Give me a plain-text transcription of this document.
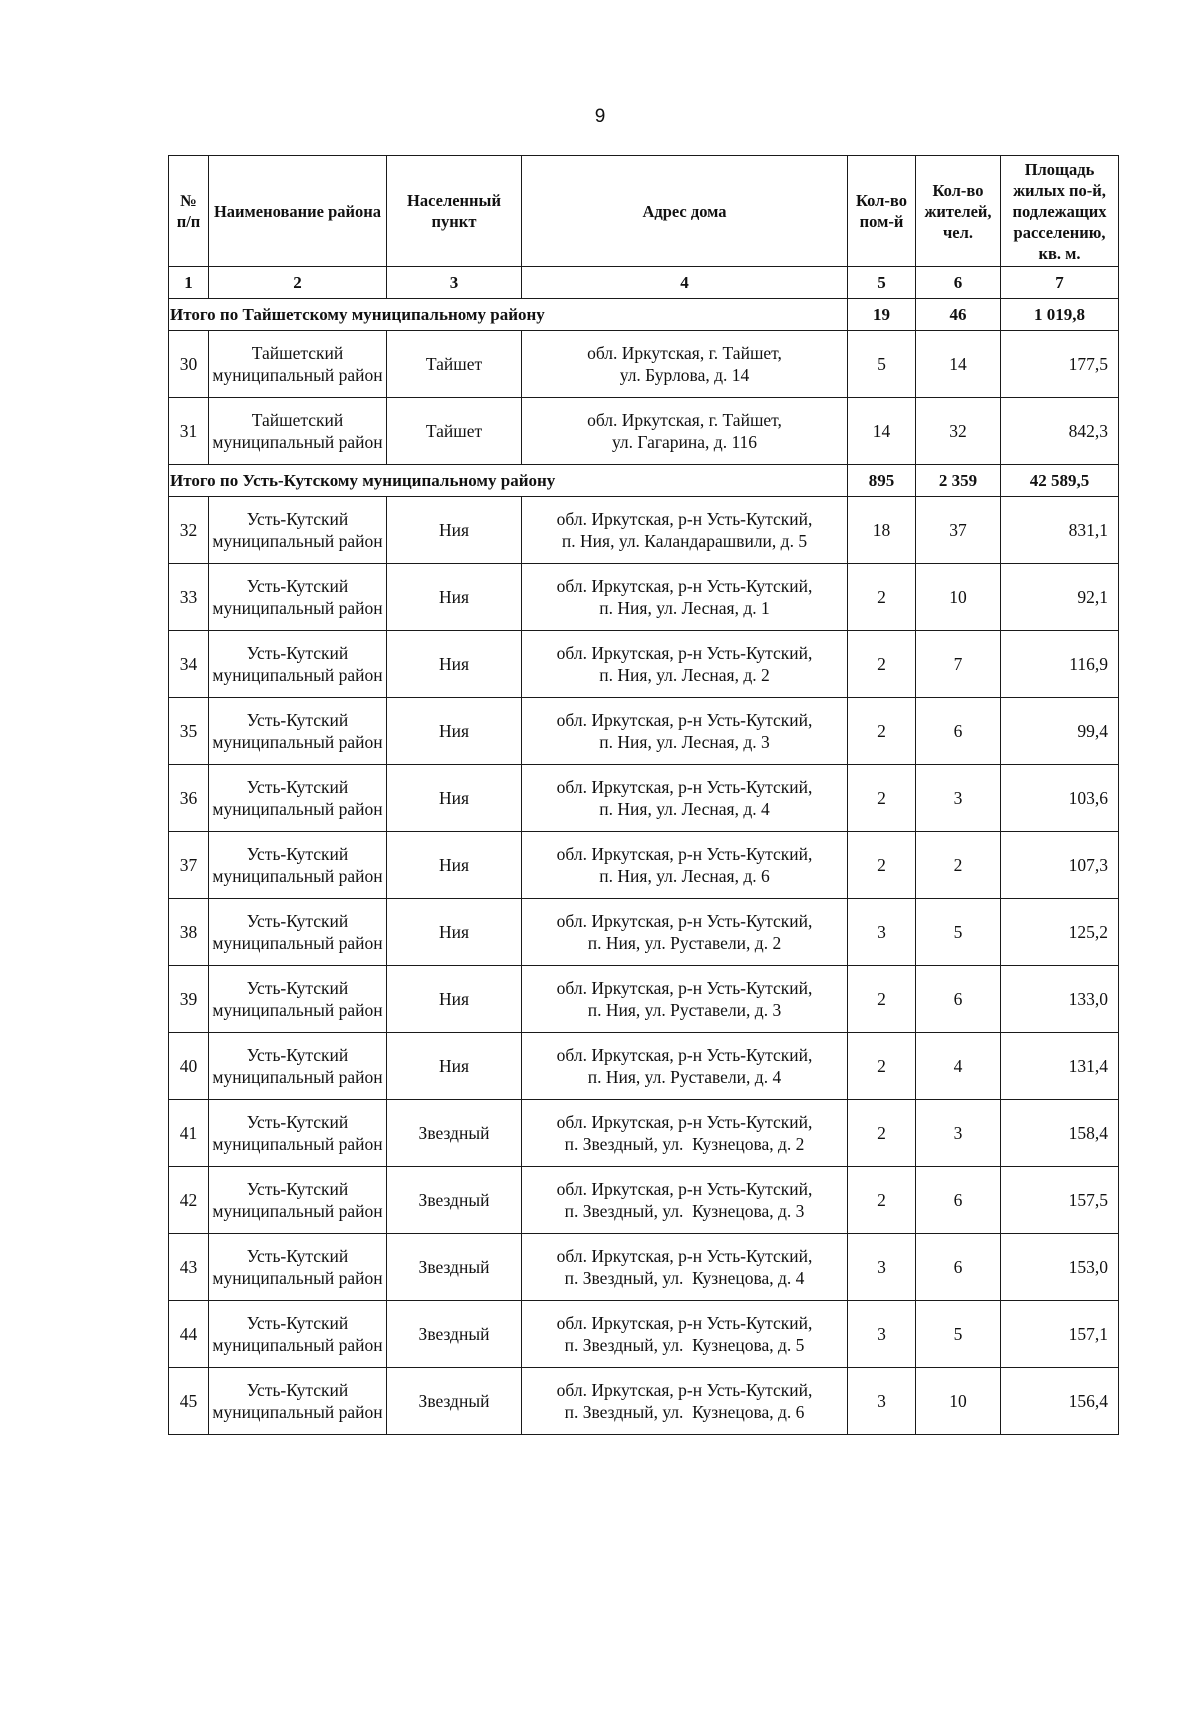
9
№ п/п	Наименование района	Населенный пункт	Адрес дома	Кол-во пом-й	Кол-во жителей, чел.	Площадь жилых по-й, подлежащих расселению, кв. м.
1	2	3	4	5	6	7
Итого по Тайшетскому муниципальному району				19	46	1 019,8
30	Тайшетский муниципальный район	Тайшет	обл. Иркутская, г. Тайшет,
ул. Бурлова, д. 14	5	14	177,5
31	Тайшетский муниципальный район	Тайшет	обл. Иркутская, г. Тайшет,
ул. Гагарина, д. 116	14	32	842,3
Итого по Усть-Кутскому муниципальному району				895	2 359	42 589,5
32	Усть-Кутский муниципальный район	Ния	обл. Иркутская, р-н Усть-Кутский,
п. Ния, ул. Каландарашвили, д. 5	18	37	831,1
33	Усть-Кутский муниципальный район	Ния	обл. Иркутская, р-н Усть-Кутский,
п. Ния, ул. Лесная, д. 1	2	10	92,1
34	Усть-Кутский муниципальный район	Ния	обл. Иркутская, р-н Усть-Кутский,
п. Ния, ул. Лесная, д. 2	2	7	116,9
35	Усть-Кутский муниципальный район	Ния	обл. Иркутская, р-н Усть-Кутский,
п. Ния, ул. Лесная, д. 3	2	6	99,4
36	Усть-Кутский муниципальный район	Ния	обл. Иркутская, р-н Усть-Кутский,
п. Ния, ул. Лесная, д. 4	2	3	103,6
37	Усть-Кутский муниципальный район	Ния	обл. Иркутская, р-н Усть-Кутский,
п. Ния, ул. Лесная, д. 6	2	2	107,3
38	Усть-Кутский муниципальный район	Ния	обл. Иркутская, р-н Усть-Кутский,
п. Ния, ул. Руставели, д. 2	3	5	125,2
39	Усть-Кутский муниципальный район	Ния	обл. Иркутская, р-н Усть-Кутский,
п. Ния, ул. Руставели, д. 3	2	6	133,0
40	Усть-Кутский муниципальный район	Ния	обл. Иркутская, р-н Усть-Кутский,
п. Ния, ул. Руставели, д. 4	2	4	131,4
41	Усть-Кутский муниципальный район	Звездный	обл. Иркутская, р-н Усть-Кутский,
п. Звездный, ул.  Кузнецова, д. 2	2	3	158,4
42	Усть-Кутский муниципальный район	Звездный	обл. Иркутская, р-н Усть-Кутский,
п. Звездный, ул.  Кузнецова, д. 3	2	6	157,5
43	Усть-Кутский муниципальный район	Звездный	обл. Иркутская, р-н Усть-Кутский,
п. Звездный, ул.  Кузнецова, д. 4	3	6	153,0
44	Усть-Кутский муниципальный район	Звездный	обл. Иркутская, р-н Усть-Кутский,
п. Звездный, ул.  Кузнецова, д. 5	3	5	157,1
45	Усть-Кутский муниципальный район	Звездный	обл. Иркутская, р-н Усть-Кутский,
п. Звездный, ул.  Кузнецова, д. 6	3	10	156,4
